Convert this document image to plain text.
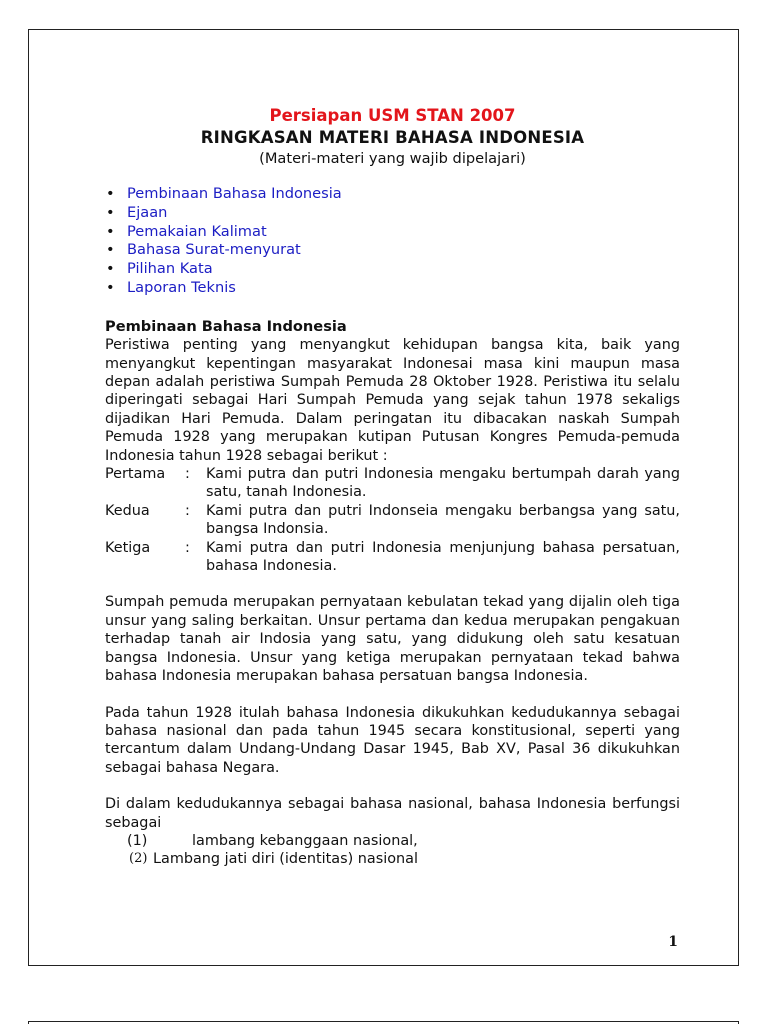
Persiapan USM STAN 2007
RINGKASAN MATERI BAHASA INDONESIA
(Materi-materi yang wajib dipelajari)
• Pembinaan Bahasa Indonesia
• Ejaan
• Pemakaian Kalimat
• Bahasa Surat-menyurat
• Pilihan Kata
• Laporan Teknis
Pembinaan Bahasa Indonesia
Peristiwa penting yang menyangkut kehidupan bangsa kita, baik yang menyangkut kepentingan masyarakat Indonesai masa kini maupun masa depan adalah peristiwa Sumpah Pemuda 28 Oktober 1928. Peristiwa itu selalu diperingati sebagai Hari Sumpah Pemuda yang sejak tahun 1978 sekaligs dijadikan Hari Pemuda. Dalam peringatan itu dibacakan naskah Sumpah Pemuda 1928 yang merupakan kutipan Putusan Kongres Pemuda-pemuda Indonesia tahun 1928 sebagai berikut :
Pertama	:	Kami putra dan putri Indonesia mengaku bertumpah darah yang satu, tanah Indonesia.
Kedua	:	Kami putra dan putri Indonseia mengaku berbangsa yang satu, bangsa Indonsia.
Ketiga	:	Kami putra dan putri Indonesia menjunjung bahasa persatuan, bahasa Indonesia.
Sumpah pemuda merupakan pernyataan kebulatan tekad yang dijalin oleh tiga unsur yang saling berkaitan. Unsur pertama dan kedua merupakan pengakuan terhadap tanah air Indosia yang satu, yang didukung oleh satu kesatuan bangsa Indonesia. Unsur yang ketiga merupakan pernyataan tekad bahwa bahasa Indonesia merupakan bahasa persatuan bangsa Indonesia.
Pada tahun 1928 itulah bahasa Indonesia dikukuhkan kedudukannya sebagai bahasa nasional dan pada tahun 1945 secara konstitusional, seperti yang tercantum dalam Undang-Undang Dasar 1945, Bab XV, Pasal 36 dikukuhkan sebagai bahasa Negara.
Di dalam kedudukannya sebagai bahasa nasional, bahasa Indonesia berfungsi sebagai
(1)	lambang kebanggaan nasional,
(2) Lambang jati diri (identitas) nasional
1
